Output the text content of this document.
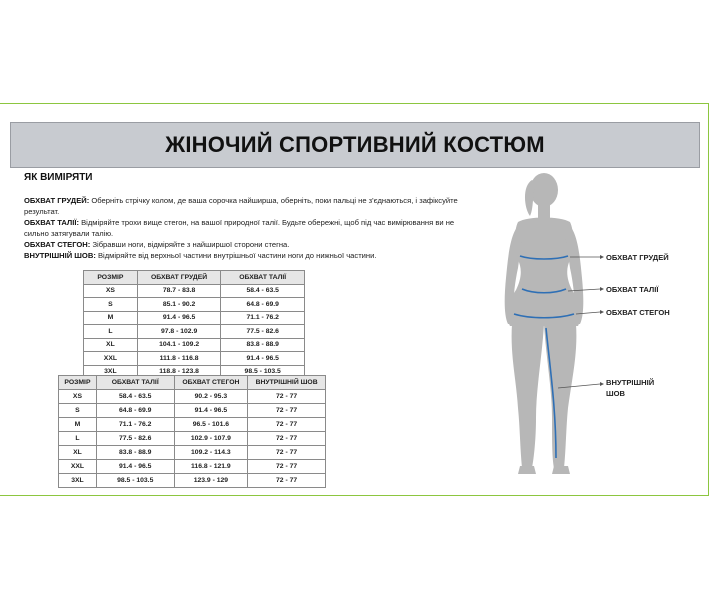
ЖІНОЧИЙ СПОРТИВНИЙ КОСТЮМ
ЯК ВИМІРЯТИ
ОБХВАТ ГРУДЕЙ: Оберніть стрічку колом, де ваша сорочка найширша, оберніть, поки пальці не з'єднаються, і зафіксуйте результат.
ОБХВАТ ТАЛІЇ: Відміряйте трохи вище стегон, на вашої природної талії. Будьте обережні, щоб під час вимірювання ви не сильно затягували талію.
ОБХВАТ СТЕГОН: Зібравши ноги, відміряйте з найширшої сторони стегна.
ВНУТРІШНІЙ ШОВ: Відміряйте від верхньої частини внутрішньої частини ноги до нижньої частини.
РОЗМІР	ОБХВАТ ГРУДЕЙ	ОБХВАТ ТАЛІЇ
XS	78.7 - 83.8	58.4 - 63.5
S	85.1 - 90.2	64.8 - 69.9
M	91.4 - 96.5	71.1 - 76.2
L	97.8 - 102.9	77.5 - 82.6
XL	104.1 - 109.2	83.8 - 88.9
XXL	111.8 - 116.8	91.4 - 96.5
3XL	118.8 - 123.8	98.5 - 103.5
РОЗМІР	ОБХВАТ ТАЛІЇ	ОБХВАТ СТЕГОН	ВНУТРІШНІЙ ШОВ
XS	58.4 - 63.5	90.2 - 95.3	72 - 77
S	64.8 - 69.9	91.4 - 96.5	72 - 77
M	71.1 - 76.2	96.5 - 101.6	72 - 77
L	77.5 - 82.6	102.9 - 107.9	72 - 77
XL	83.8 - 88.9	109.2 - 114.3	72 - 77
XXL	91.4 - 96.5	116.8 - 121.9	72 - 77
3XL	98.5 - 103.5	123.9 - 129	72 - 77
ОБХВАТ ГРУДЕЙ
ОБХВАТ ТАЛІЇ
ОБХВАТ СТЕГОН
ВНУТРІШНІЙ
ШОВ
